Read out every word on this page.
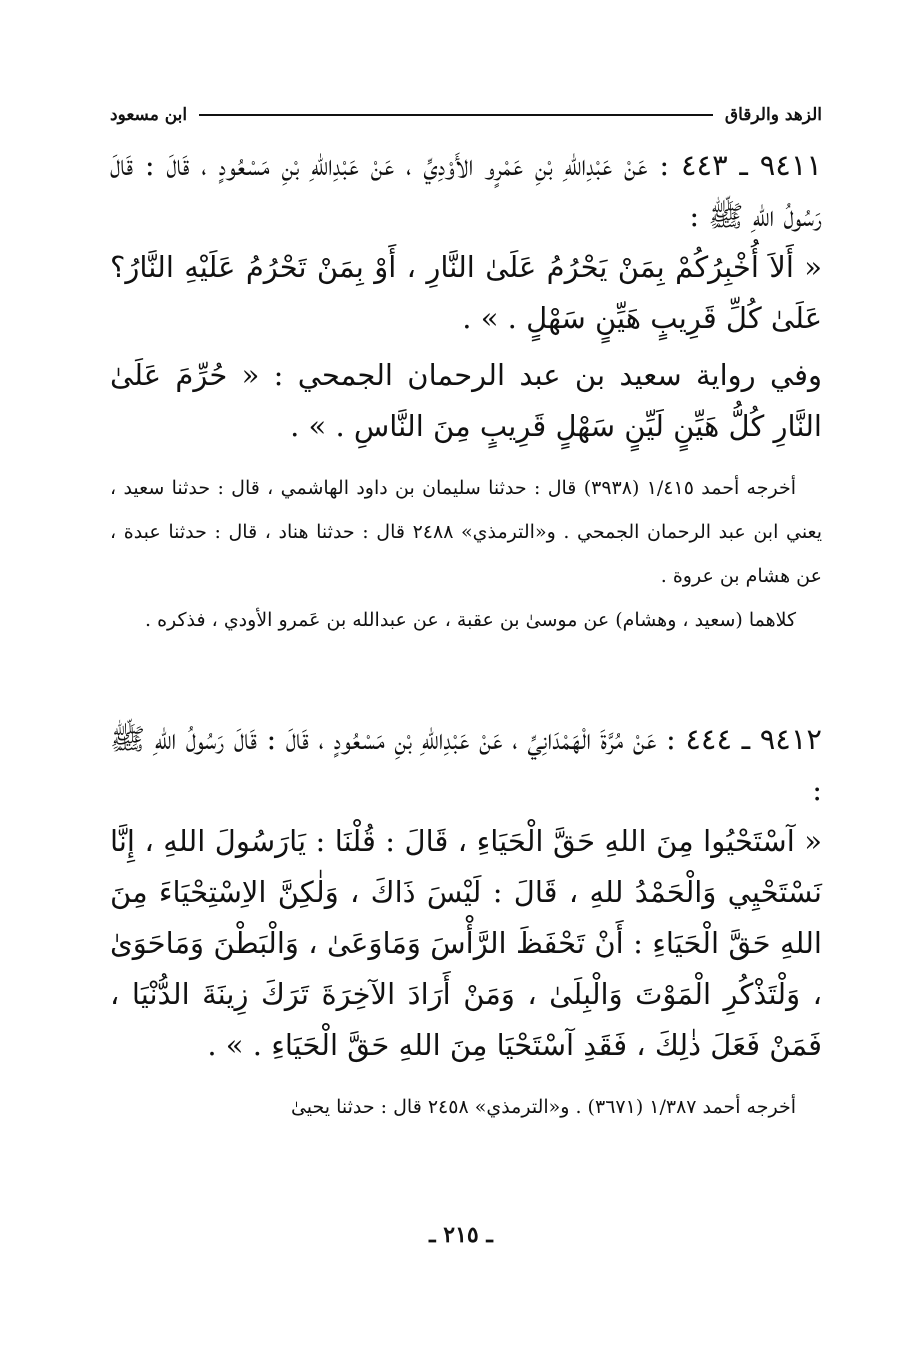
الزهد والرقاق
ابن مسعود

٩٤١١ ـ ٤٤٣ : عَنْ عَبْدِاللهِ بْنِ عَمْرٍو الأَوْدِيِّ ، عَنْ عَبْدِاللهِ بْنِ مَسْعُودٍ ، قَالَ : قَالَ رَسُولُ اللهِ ﷺ :

« أَلاَ أُخْبِرُكُمْ بِمَنْ يَحْرُمُ عَلَىٰ النَّارِ ، أَوْ بِمَنْ تَحْرُمُ عَلَيْهِ النَّارُ؟ عَلَىٰ كُلِّ قَرِيبٍ هَيِّنٍ سَهْلٍ . » .

وفي رواية سعيد بن عبد الرحمان الجمحي : « حُرِّمَ عَلَىٰ النَّارِ كُلُّ هَيِّنٍ لَيِّنٍ سَهْلٍ قَرِيبٍ مِنَ النَّاسِ . » .

أخرجه أحمد ١/٤١٥ (٣٩٣٨) قال : حدثنا سليمان بن داود الهاشمي ، قال : حدثنا سعيد ، يعني ابن عبد الرحمان الجمحي . و«الترمذي» ٢٤٨٨ قال : حدثنا هناد ، قال : حدثنا عبدة ، عن هشام بن عروة .

كلاهما (سعيد ، وهشام) عن موسىٰ بن عقبة ، عن عبدالله بن عَمرو الأودي ، فذكره .

٩٤١٢ ـ ٤٤٤ : عَنْ مُرَّةَ الْهَمْدَانِيِّ ، عَنْ عَبْدِاللهِ بْنِ مَسْعُودٍ ، قَالَ : قَالَ رَسُولُ اللهِ ﷺ :

« آسْتَحْيُوا مِنَ اللهِ حَقَّ الْحَيَاءِ ، قَالَ : قُلْنَا : يَارَسُولَ اللهِ ، إِنَّا نَسْتَحْيِي وَالْحَمْدُ للهِ ، قَالَ : لَيْسَ ذَاكَ ، وَلٰكِنَّ الاِسْتِحْيَاءَ مِنَ اللهِ حَقَّ الْحَيَاءِ : أَنْ تَحْفَظَ الرَّأْسَ وَمَاوَعَىٰ ، وَالْبَطْنَ وَمَاحَوَىٰ ، وَلْتَذْكُرِ الْمَوْتَ وَالْبِلَىٰ ، وَمَنْ أَرَادَ الآخِرَةَ تَرَكَ زِينَةَ الدُّنْيَا ، فَمَنْ فَعَلَ ذٰلِكَ ، فَقَدِ آسْتَحْيَا مِنَ اللهِ حَقَّ الْحَيَاءِ . » .

أخرجه أحمد ١/٣٨٧ (٣٦٧١) . و«الترمذي» ٢٤٥٨ قال : حدثنا يحيىٰ

ـ ٢١٥ ـ
